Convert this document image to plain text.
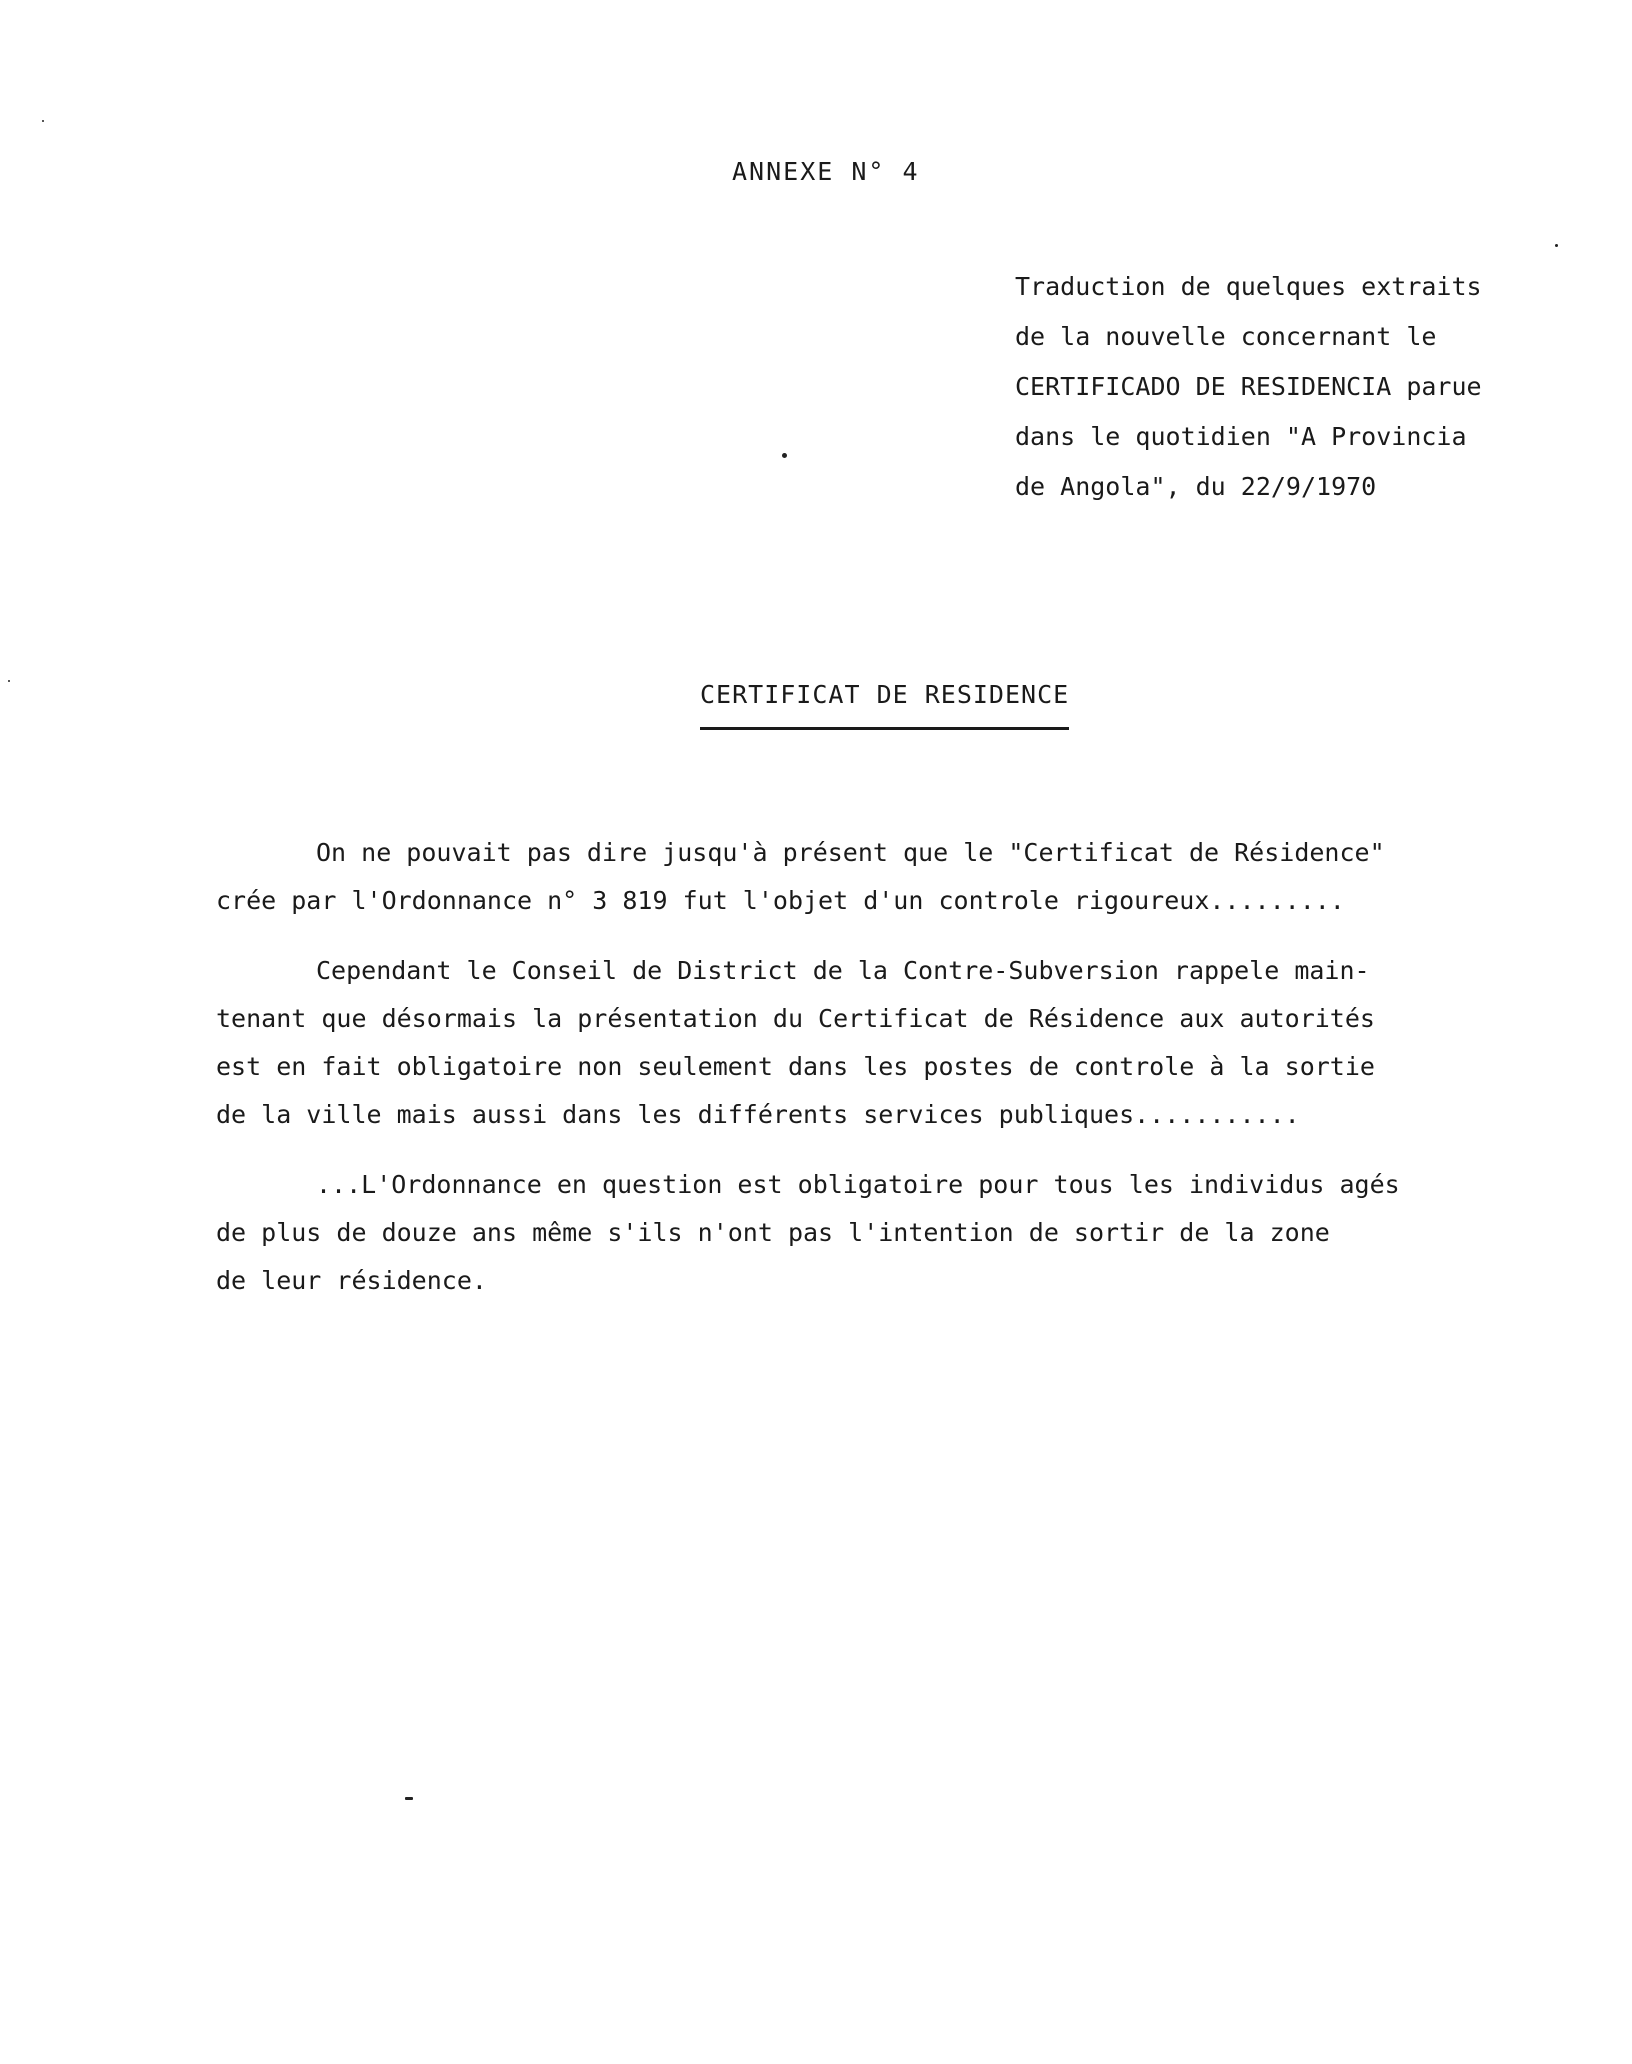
ANNEXE N° 4
Traduction de quelques extraits
de la nouvelle concernant le
CERTIFICADO DE RESIDENCIA parue
dans le quotidien "A Provincia
de Angola", du 22/9/1970
CERTIFICAT DE RESIDENCE

On ne pouvait pas dire jusqu'à présent que le "Certificat de Résidence"
crée par l'Ordonnance n° 3 819 fut l'objet d'un controle rigoureux.........

Cependant le Conseil de District de la Contre-Subversion rappele main-
tenant que désormais la présentation du Certificat de Résidence aux autorités
est en fait obligatoire non seulement dans les postes de controle à la sortie
de la ville mais aussi dans les différents services publiques...........

...L'Ordonnance en question est obligatoire pour tous les individus agés
de plus de douze ans même s'ils n'ont pas l'intention de sortir de la zone
de leur résidence.
